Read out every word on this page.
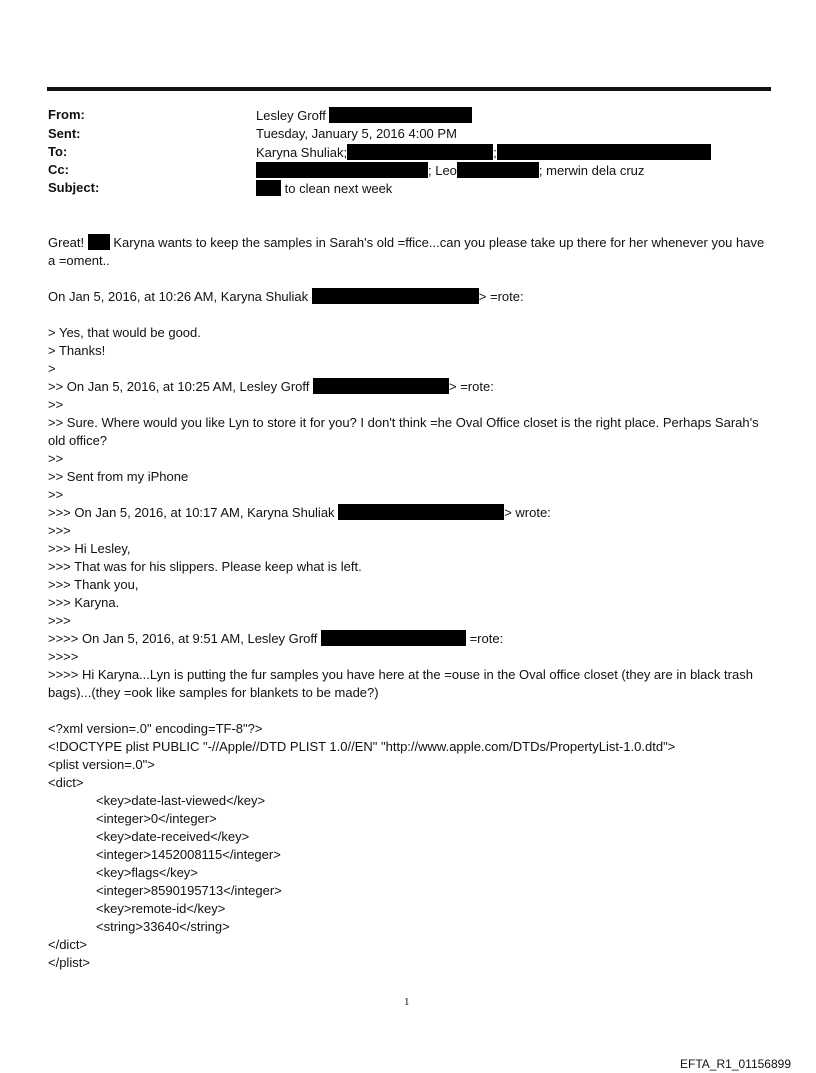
From:	Lesley Groff
Sent:	Tuesday, January 5, 2016 4:00 PM
To:	Karyna Shuliak;	;
Cc:	; Leo	; merwin dela cruz
Subject:	to clean next week
Great! Karyna wants to keep the samples in Sarah's old =ffice...can you please take up there for her whenever you have a =oment..
On Jan 5, 2016, at 10:26 AM, Karyna Shuliak	> =rote:
> Yes, that would be good.
> Thanks!
>
>> On Jan 5, 2016, at 10:25 AM, Lesley Groff	> =rote:
>>
>> Sure. Where would you like Lyn to store it for you? I don't think =he Oval Office closet is the right place. Perhaps Sarah's old office?
>>
>> Sent from my iPhone
>>
>>> On Jan 5, 2016, at 10:17 AM, Karyna Shuliak	> wrote:
>>>
>>> Hi Lesley,
>>> That was for his slippers. Please keep what is left.
>>> Thank you,
>>> Karyna.
>>>
>>>> On Jan 5, 2016, at 9:51 AM, Lesley Groff	=rote:
>>>>
>>>> Hi Karyna...Lyn is putting the fur samples you have here at the =ouse in the Oval office closet (they are in black trash bags)...(they =ook like samples for blankets to be made?)
<?xml version=.0" encoding=TF-8"?>
<!DOCTYPE plist PUBLIC "-//Apple//DTD PLIST 1.0//EN" "http://www.apple.com/DTDs/PropertyList-1.0.dtd">
<plist version=.0">
<dict>
<key>date-last-viewed</key>
<integer>0</integer>
<key>date-received</key>
<integer>1452008115</integer>
<key>flags</key>
<integer>8590195713</integer>
<key>remote-id</key>
<string>33640</string>
</dict>
</plist>
1
EFTA_R1_01156899
